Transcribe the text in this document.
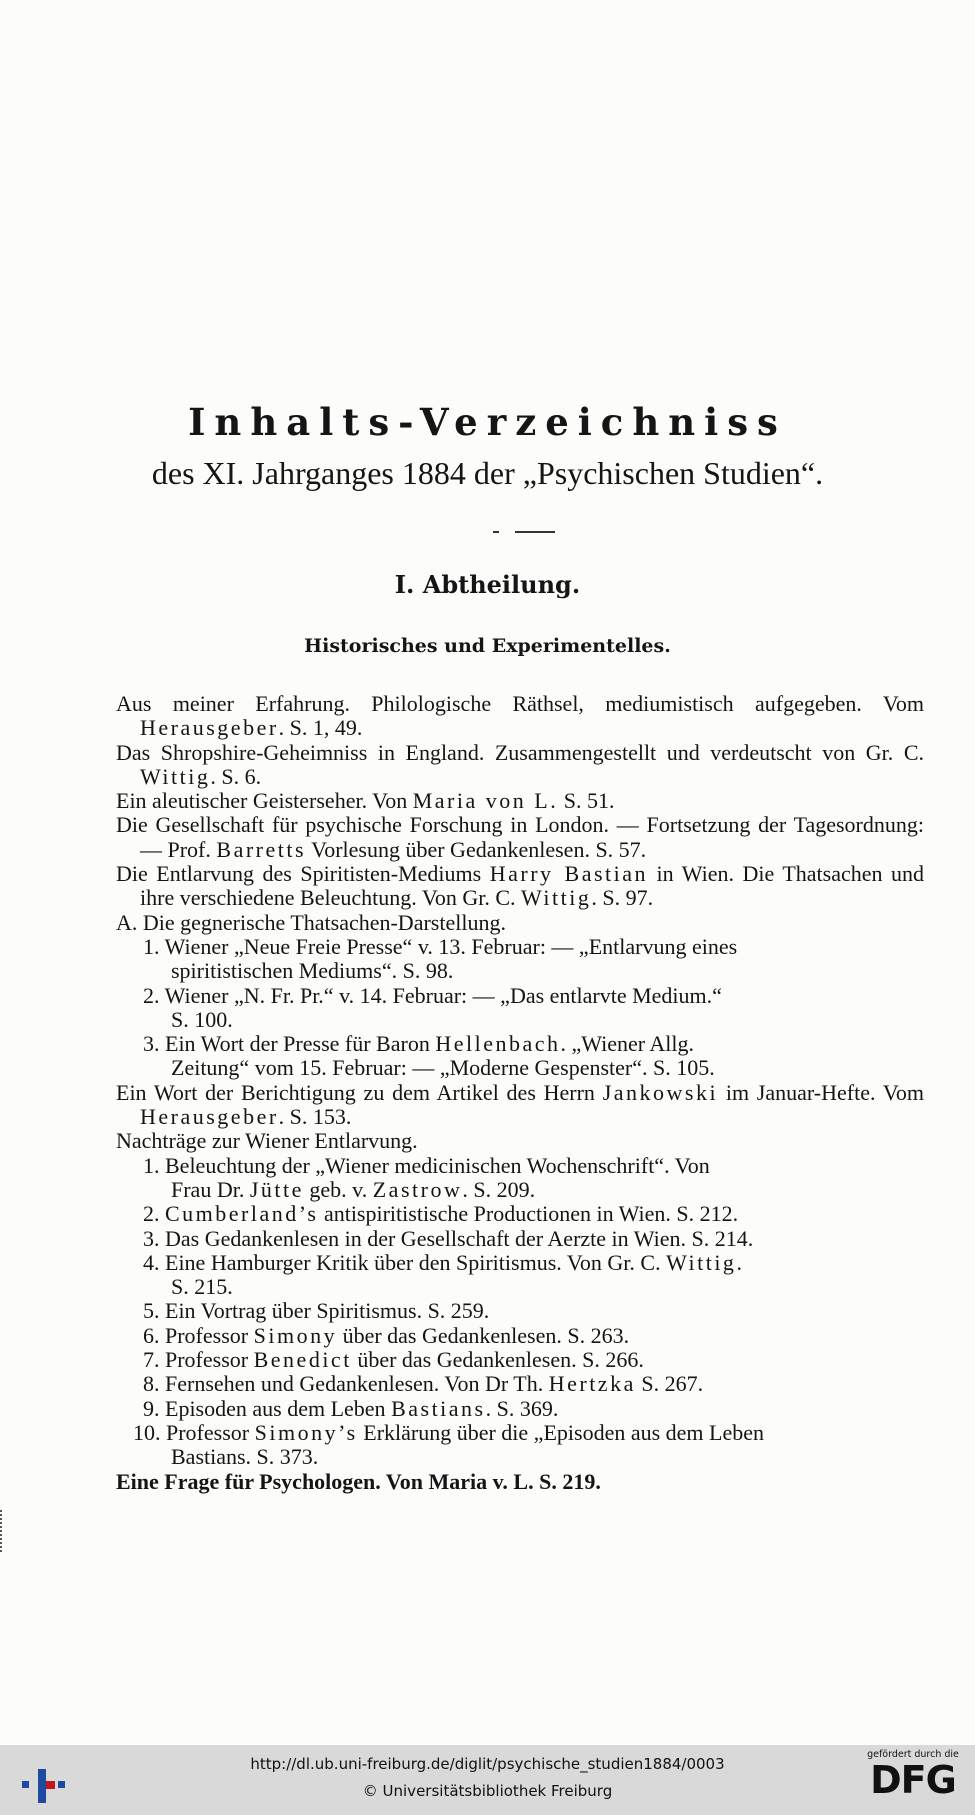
Inhalts-Verzeichniss
des XI. Jahrganges 1884 der „Psychischen Studien“.
I. Abtheilung.
Historisches und Experimentelles.
Aus meiner Erfahrung. Philologische Räthsel, mediumistisch aufgegeben. Vom Herausgeber. S. 1, 49.
Das Shropshire-Geheimniss in England. Zusammengestellt und verdeutscht von Gr. C. Wittig. S. 6.
Ein aleutischer Geisterseher. Von Maria von L. S. 51.
Die Gesellschaft für psychische Forschung in London. — Fortsetzung der Tagesordnung: — Prof. Barretts Vorlesung über Gedankenlesen. S. 57.
Die Entlarvung des Spiritisten-Mediums Harry Bastian in Wien. Die Thatsachen und ihre verschiedene Beleuchtung. Von Gr. C. Wittig. S. 97.
A. Die gegnerische Thatsachen-Darstellung.
1. Wiener „Neue Freie Presse“ v. 13. Februar: — „Entlarvung eines
spiritistischen Mediums“. S. 98.
2. Wiener „N. Fr. Pr.“ v. 14. Februar: — „Das entlarvte Medium.“
S. 100.
3. Ein Wort der Presse für Baron Hellenbach. „Wiener Allg.
Zeitung“ vom 15. Februar: — „Moderne Gespenster“. S. 105.
Ein Wort der Berichtigung zu dem Artikel des Herrn Jankowski im Januar-Hefte. Vom Herausgeber. S. 153.
Nachträge zur Wiener Entlarvung.
1. Beleuchtung der „Wiener medicinischen Wochenschrift“. Von
Frau Dr. Jütte geb. v. Zastrow. S. 209.
2. Cumberland’s antispiritistische Productionen in Wien. S. 212.
3. Das Gedankenlesen in der Gesellschaft der Aerzte in Wien. S. 214.
4. Eine Hamburger Kritik über den Spiritismus. Von Gr. C. Wittig.
S. 215.
5. Ein Vortrag über Spiritismus. S. 259.
6. Professor Simony über das Gedankenlesen. S. 263.
7. Professor Benedict über das Gedankenlesen. S. 266.
8. Fernsehen und Gedankenlesen. Von Dr Th. Hertzka S. 267.
9. Episoden aus dem Leben Bastians. S. 369.
10. Professor Simony’s Erklärung über die „Episoden aus dem Leben
Bastians. S. 373.
Eine Frage für Psychologen. Von Maria v. L. S. 219.
http://dl.ub.uni-freiburg.de/diglit/psychische_studien1884/0003
© Universitätsbibliothek Freiburg
gefördert durch die
DFG
